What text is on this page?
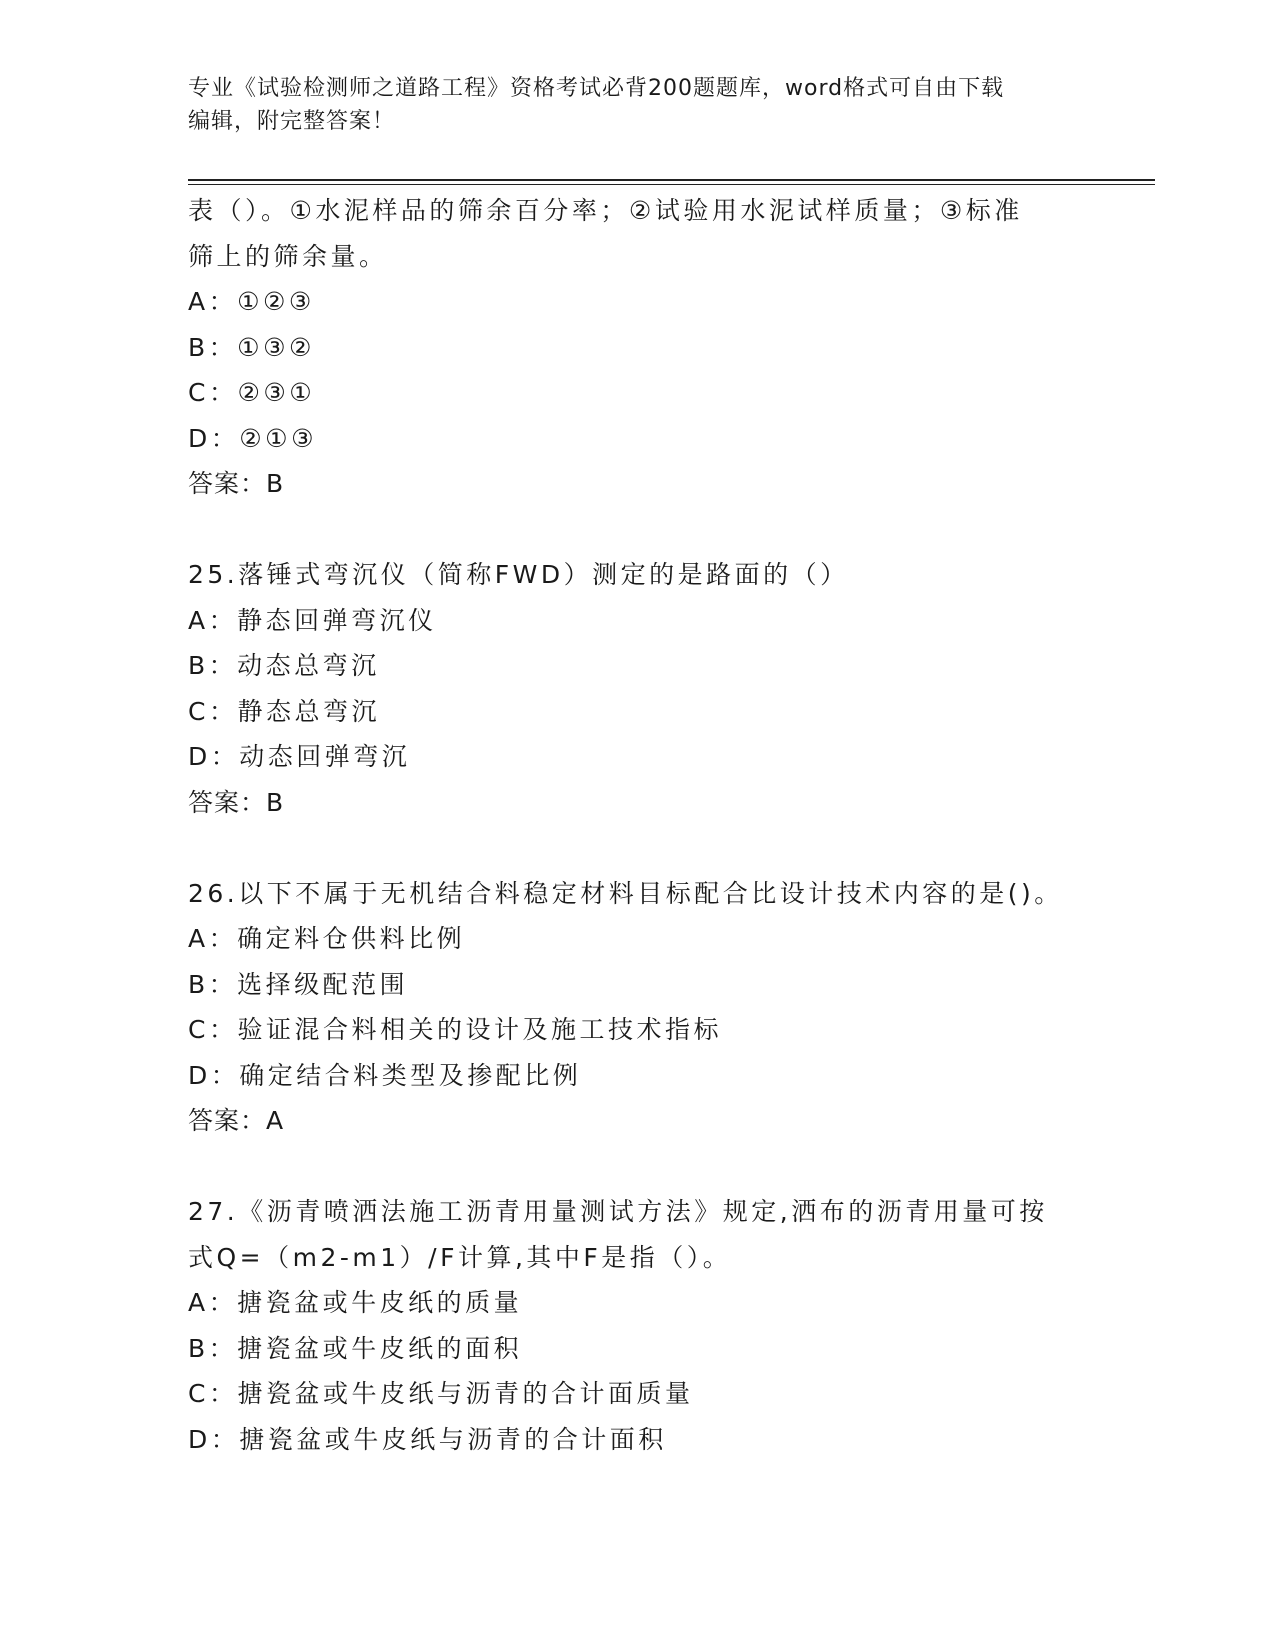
专业《试验检测师之道路工程》资格考试必背200题题库，word格式可自由下载
编辑，附完整答案！
表（）。①水泥样品的筛余百分率；②试验用水泥试样质量；③标准
筛上的筛余量。
A：①②③
B：①③②
C：②③①
D：②①③
答案：B
25.落锤式弯沉仪（简称FWD）测定的是路面的（）
A：静态回弹弯沉仪
B：动态总弯沉
C：静态总弯沉
D：动态回弹弯沉
答案：B
26.以下不属于无机结合料稳定材料目标配合比设计技术内容的是()。
A：确定料仓供料比例
B：选择级配范围
C：验证混合料相关的设计及施工技术指标
D：确定结合料类型及掺配比例
答案：A
27.《沥青喷洒法施工沥青用量测试方法》规定,洒布的沥青用量可按
式Q=（m2-m1）/F计算,其中F是指（）。
A：搪瓷盆或牛皮纸的质量
B：搪瓷盆或牛皮纸的面积
C：搪瓷盆或牛皮纸与沥青的合计面质量
D：搪瓷盆或牛皮纸与沥青的合计面积
